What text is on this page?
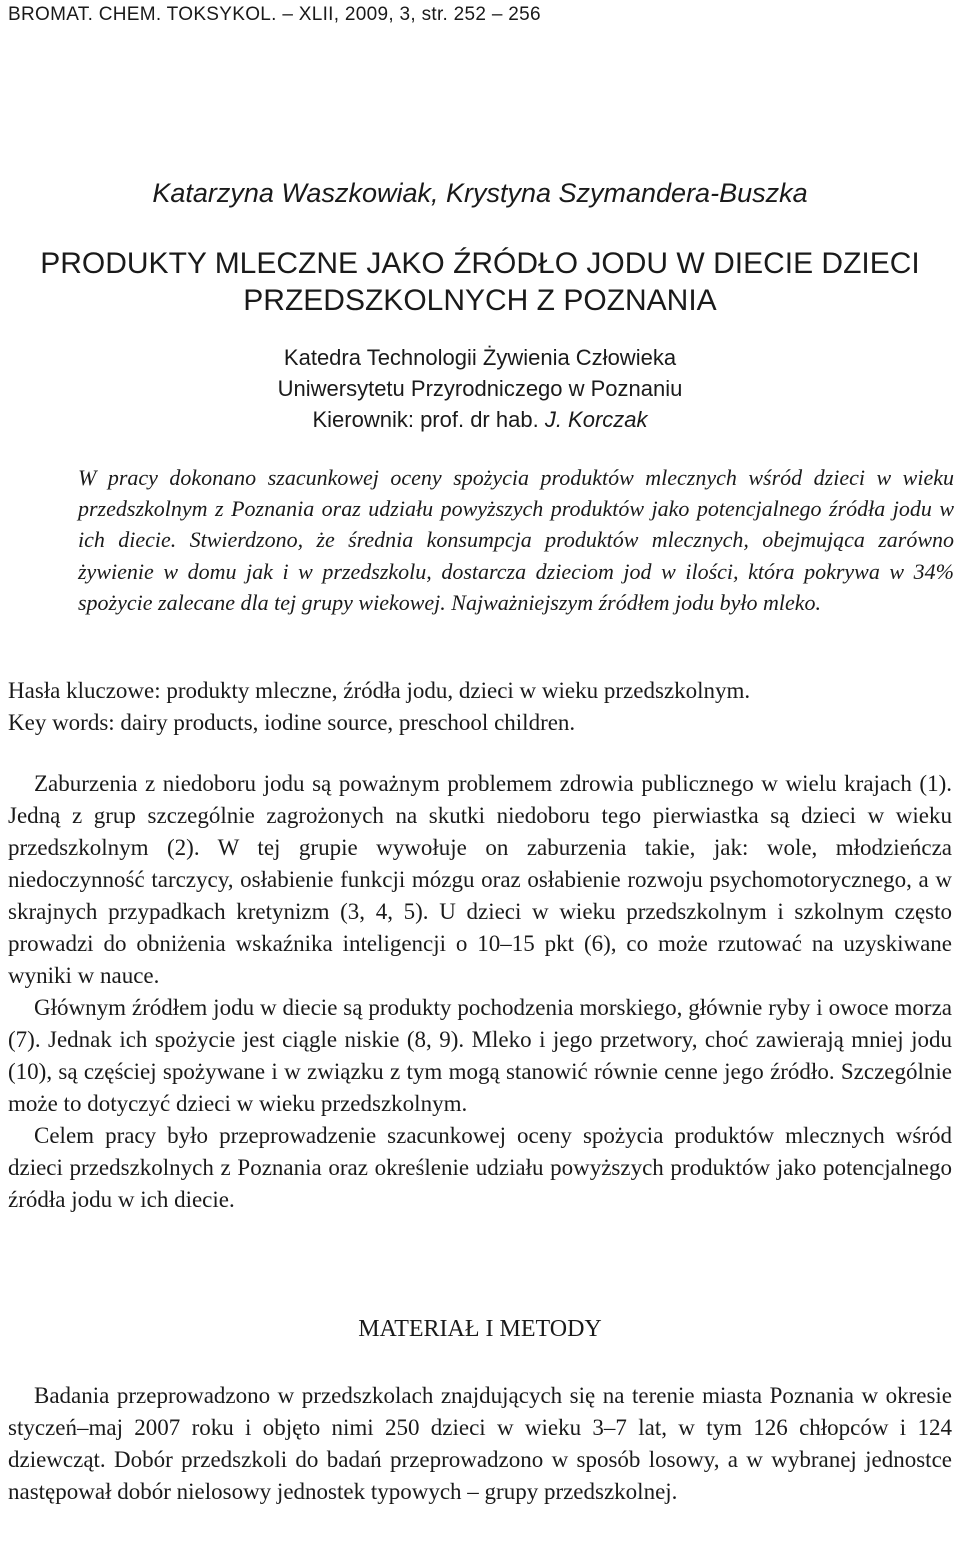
BROMAT. CHEM. TOKSYKOL. – XLII, 2009, 3, str. 252 – 256
Katarzyna Waszkowiak, Krystyna Szymandera-Buszka
PRODUKTY MLECZNE JAKO ŹRÓDŁO JODU W DIECIE DZIECI
PRZEDSZKOLNYCH Z POZNANIA
Katedra Technologii Żywienia Człowieka
Uniwersytetu Przyrodniczego w Poznaniu
Kierownik: prof. dr hab. J. Korczak
W pracy dokonano szacunkowej oceny spożycia produktów mlecznych wśród dzieci w wieku przedszkolnym z Poznania oraz udziału powyższych produktów jako potencjalnego źródła jodu w ich diecie. Stwierdzono, że średnia konsumpcja produktów mlecznych, obejmująca zarówno żywienie w domu jak i w przedszkolu, dostarcza dzieciom jod w ilości, która pokrywa w 34% spożycie zalecane dla tej grupy wiekowej. Najważniejszym źródłem jodu było mleko.
Hasła kluczowe: produkty mleczne, źródła jodu, dzieci w wieku przedszkolnym.
Key words: dairy products, iodine source, preschool children.

Zaburzenia z niedoboru jodu są poważnym problemem zdrowia publicznego w wielu krajach (1). Jedną z grup szczególnie zagrożonych na skutki niedoboru tego pierwiastka są dzieci w wieku przedszkolnym (2). W tej grupie wywołuje on zaburzenia takie, jak: wole, młodzieńcza niedoczynność tarczycy, osłabienie funkcji mózgu oraz osłabienie rozwoju psychomotorycznego, a w skrajnych przypadkach kretynizm (3, 4, 5). U dzieci w wieku przedszkolnym i szkolnym często prowadzi do obniżenia wskaźnika inteligencji o 10–15 pkt (6), co może rzutować na uzyskiwane wyniki w nauce.

Głównym źródłem jodu w diecie są produkty pochodzenia morskiego, głównie ryby i owoce morza (7). Jednak ich spożycie jest ciągle niskie (8, 9). Mleko i jego przetwory, choć zawierają mniej jodu (10), są częściej spożywane i w związku z tym mogą stanowić równie cenne jego źródło. Szczególnie może to dotyczyć dzieci w wieku przedszkolnym.

Celem pracy było przeprowadzenie szacunkowej oceny spożycia produktów mlecznych wśród dzieci przedszkolnych z Poznania oraz określenie udziału powyższych produktów jako potencjalnego źródła jodu w ich diecie.

MATERIAŁ I METODY

Badania przeprowadzono w przedszkolach znajdujących się na terenie miasta Poznania w okresie styczeń–maj 2007 roku i objęto nimi 250 dzieci w wieku 3–7 lat, w tym 126 chłopców i 124 dziewcząt. Dobór przedszkoli do badań przeprowadzono w sposób losowy, a w wybranej jednostce następował dobór nielosowy jednostek typowych – grupy przedszkolnej.
